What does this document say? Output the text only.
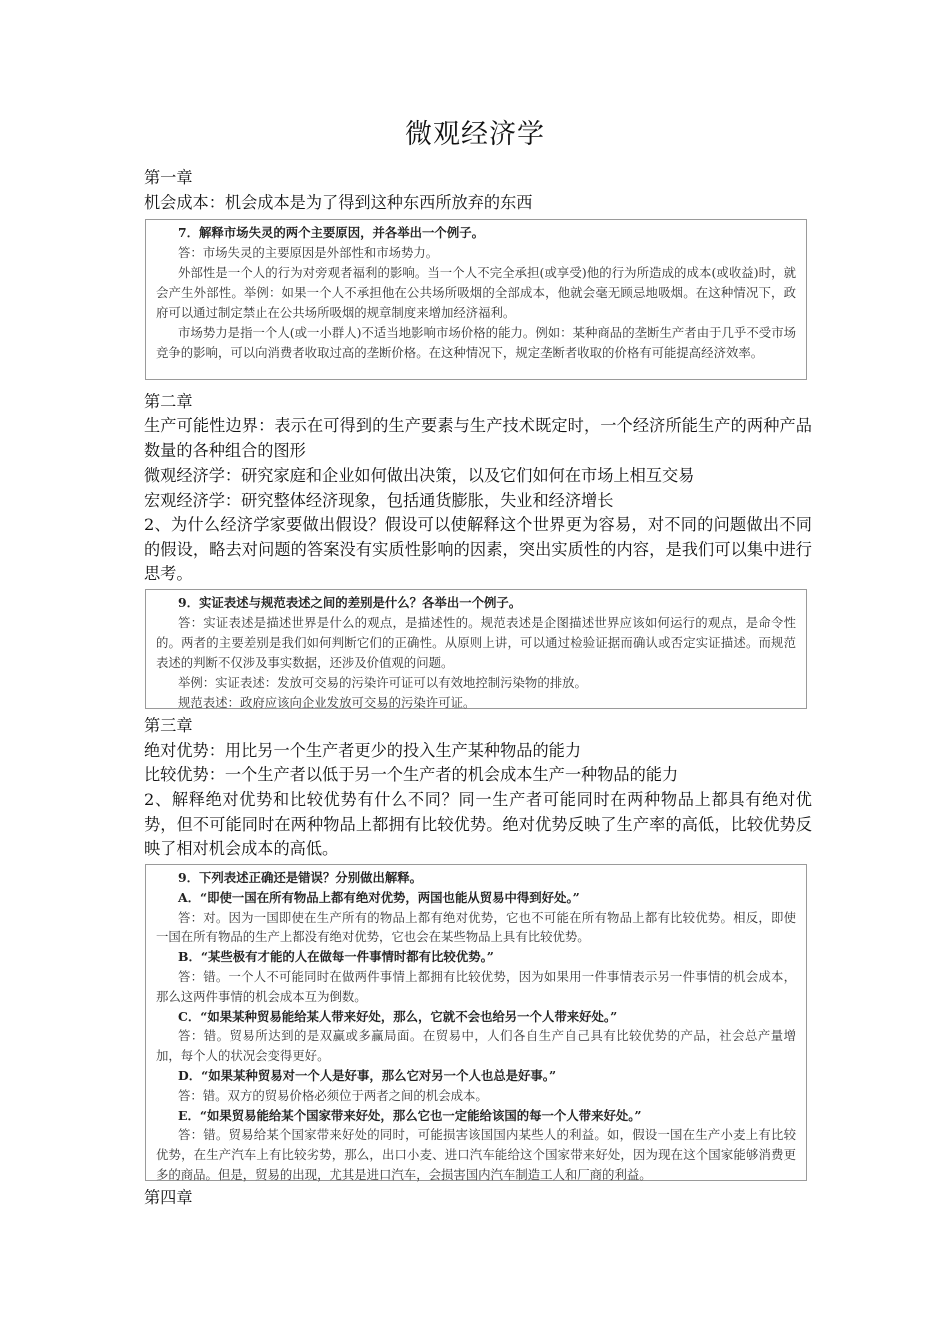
微观经济学
第一章
机会成本：机会成本是为了得到这种东西所放弃的东西

7．解释市场失灵的两个主要原因，并各举出一个例子。

答：市场失灵的主要原因是外部性和市场势力。

外部性是一个人的行为对旁观者福利的影响。当一个人不完全承担(或享受)他的行为所造成的成本(或收益)时，就会产生外部性。举例：如果一个人不承担他在公共场所吸烟的全部成本，他就会毫无顾忌地吸烟。在这种情况下，政府可以通过制定禁止在公共场所吸烟的规章制度来增加经济福利。

市场势力是指一个人(或一小群人)不适当地影响市场价格的能力。例如：某种商品的垄断生产者由于几乎不受市场竞争的影响，可以向消费者收取过高的垄断价格。在这种情况下，规定垄断者收取的价格有可能提高经济效率。

第二章
生产可能性边界：表示在可得到的生产要素与生产技术既定时，一个经济所能生产的两种产品数量的各种组合的图形
微观经济学：研究家庭和企业如何做出决策，以及它们如何在市场上相互交易
宏观经济学：研究整体经济现象，包括通货膨胀，失业和经济增长
2、为什么经济学家要做出假设？假设可以使解释这个世界更为容易，对不同的问题做出不同的假设，略去对问题的答案没有实质性影响的因素，突出实质性的内容，是我们可以集中进行思考。

9．实证表述与规范表述之间的差别是什么？各举出一个例子。

答：实证表述是描述世界是什么的观点，是描述性的。规范表述是企图描述世界应该如何运行的观点，是命令性的。两者的主要差别是我们如何判断它们的正确性。从原则上讲，可以通过检验证据而确认或否定实证描述。而规范表述的判断不仅涉及事实数据，还涉及价值观的问题。

举例：实证表述：发放可交易的污染许可证可以有效地控制污染物的排放。

规范表述：政府应该向企业发放可交易的污染许可证。

第三章
绝对优势：用比另一个生产者更少的投入生产某种物品的能力
比较优势：一个生产者以低于另一个生产者的机会成本生产一种物品的能力
2、解释绝对优势和比较优势有什么不同？同一生产者可能同时在两种物品上都具有绝对优势，但不可能同时在两种物品上都拥有比较优势。绝对优势反映了生产率的高低，比较优势反映了相对机会成本的高低。

9．下列表述正确还是错误？分别做出解释。

A．“即使一国在所有物品上都有绝对优势，两国也能从贸易中得到好处。”

答：对。因为一国即使在生产所有的物品上都有绝对优势，它也不可能在所有物品上都有比较优势。相反，即使一国在所有物品的生产上都没有绝对优势，它也会在某些物品上具有比较优势。

B．“某些极有才能的人在做每一件事情时都有比较优势。”

答：错。一个人不可能同时在做两件事情上都拥有比较优势，因为如果用一件事情表示另一件事情的机会成本，那么这两件事情的机会成本互为倒数。

C．“如果某种贸易能给某人带来好处，那么，它就不会也给另一个人带来好处。”

答：错。贸易所达到的是双赢或多赢局面。在贸易中，人们各自生产自己具有比较优势的产品，社会总产量增加，每个人的状况会变得更好。

D．“如果某种贸易对一个人是好事，那么它对另一个人也总是好事。”

答：错。双方的贸易价格必须位于两者之间的机会成本。

E．“如果贸易能给某个国家带来好处，那么它也一定能给该国的每一个人带来好处。”

答：错。贸易给某个国家带来好处的同时，可能损害该国国内某些人的利益。如，假设一国在生产小麦上有比较优势，在生产汽车上有比较劣势，那么，出口小麦、进口汽车能给这个国家带来好处，因为现在这个国家能够消费更多的商品。但是，贸易的出现，尤其是进口汽车，会损害国内汽车制造工人和厂商的利益。

第四章
